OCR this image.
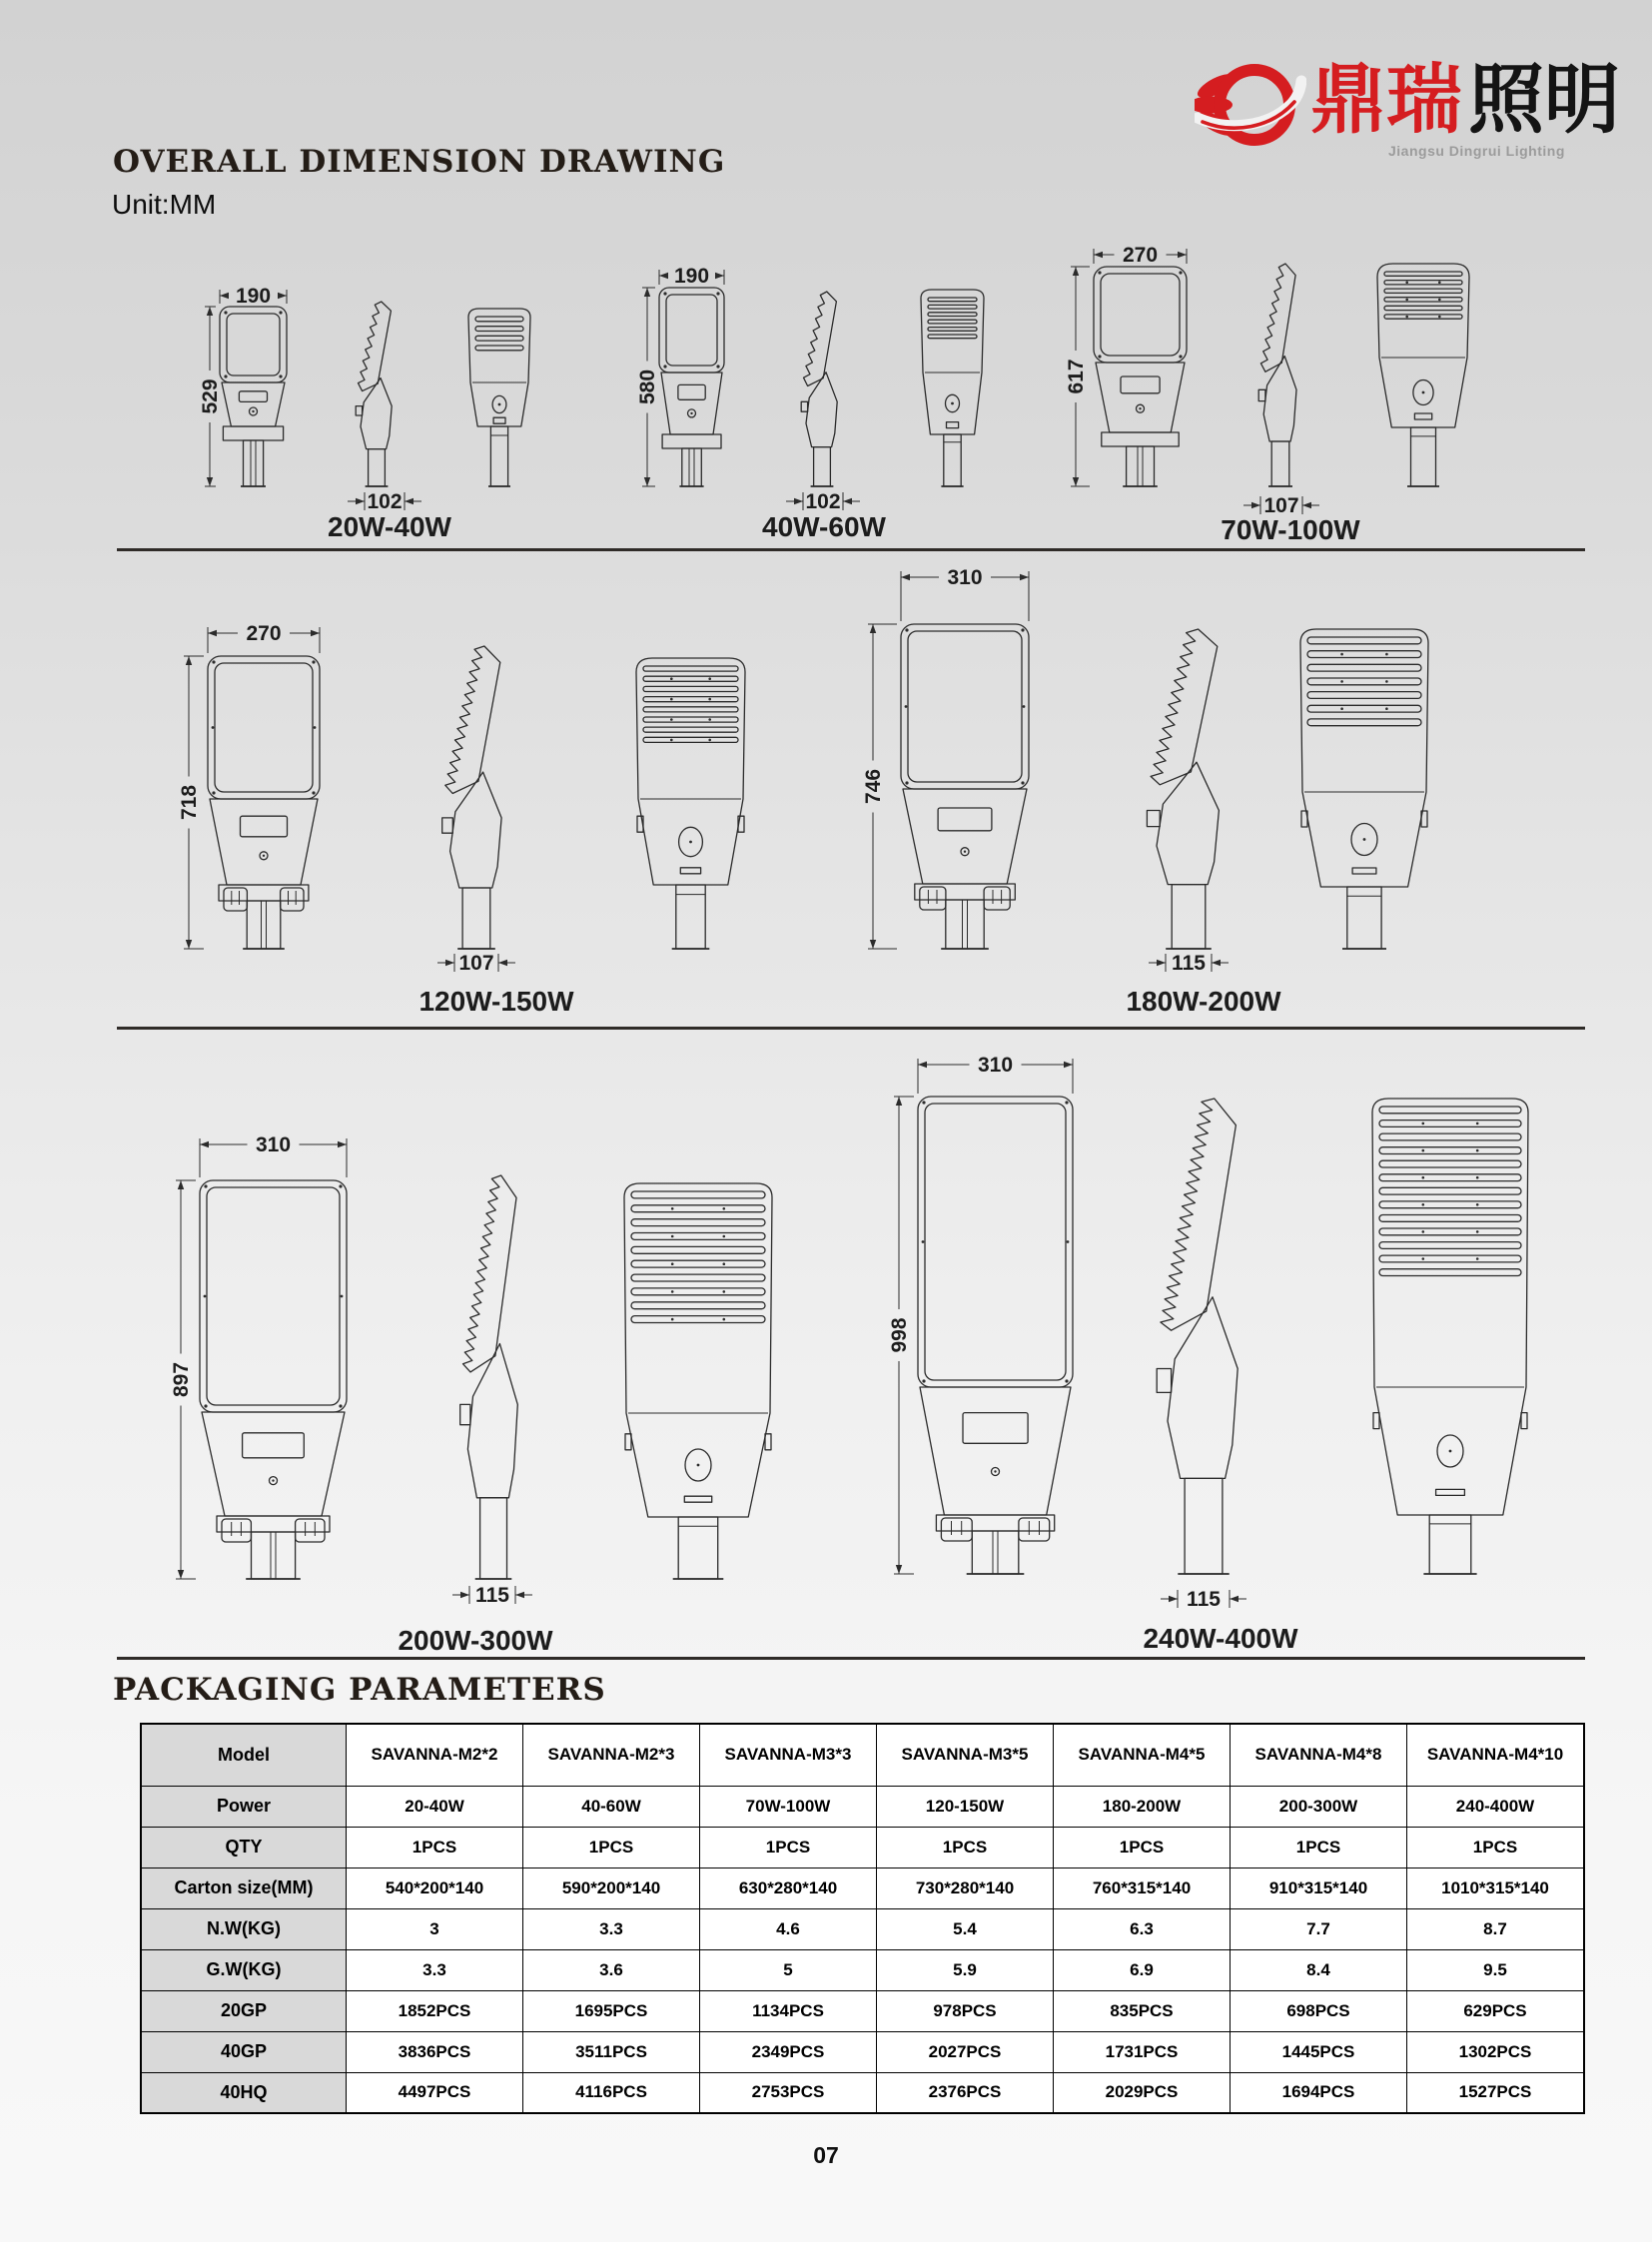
鼎瑞 照明
Jiangsu Dingrui Lighting
OVERALL DIMENSION DRAWING
Unit:MM
190
529
102
20W-40W
190
580
102
40W-60W
270
617
107
70W-100W
270
718
107
120W-150W
310
746
115
180W-200W
310
897
115
200W-300W
310
998
115
240W-400W
PACKAGING PARAMETERS
Model	SAVANNA-M2*2	SAVANNA-M2*3	SAVANNA-M3*3	SAVANNA-M3*5	SAVANNA-M4*5	SAVANNA-M4*8	SAVANNA-M4*10
Power	20-40W	40-60W	70W-100W	120-150W	180-200W	200-300W	240-400W
QTY	1PCS	1PCS	1PCS	1PCS	1PCS	1PCS	1PCS
Carton size(MM)	540*200*140	590*200*140	630*280*140	730*280*140	760*315*140	910*315*140	1010*315*140
N.W(KG)	3	3.3	4.6	5.4	6.3	7.7	8.7
G.W(KG)	3.3	3.6	5	5.9	6.9	8.4	9.5
20GP	1852PCS	1695PCS	1134PCS	978PCS	835PCS	698PCS	629PCS
40GP	3836PCS	3511PCS	2349PCS	2027PCS	1731PCS	1445PCS	1302PCS
40HQ	4497PCS	4116PCS	2753PCS	2376PCS	2029PCS	1694PCS	1527PCS
07
